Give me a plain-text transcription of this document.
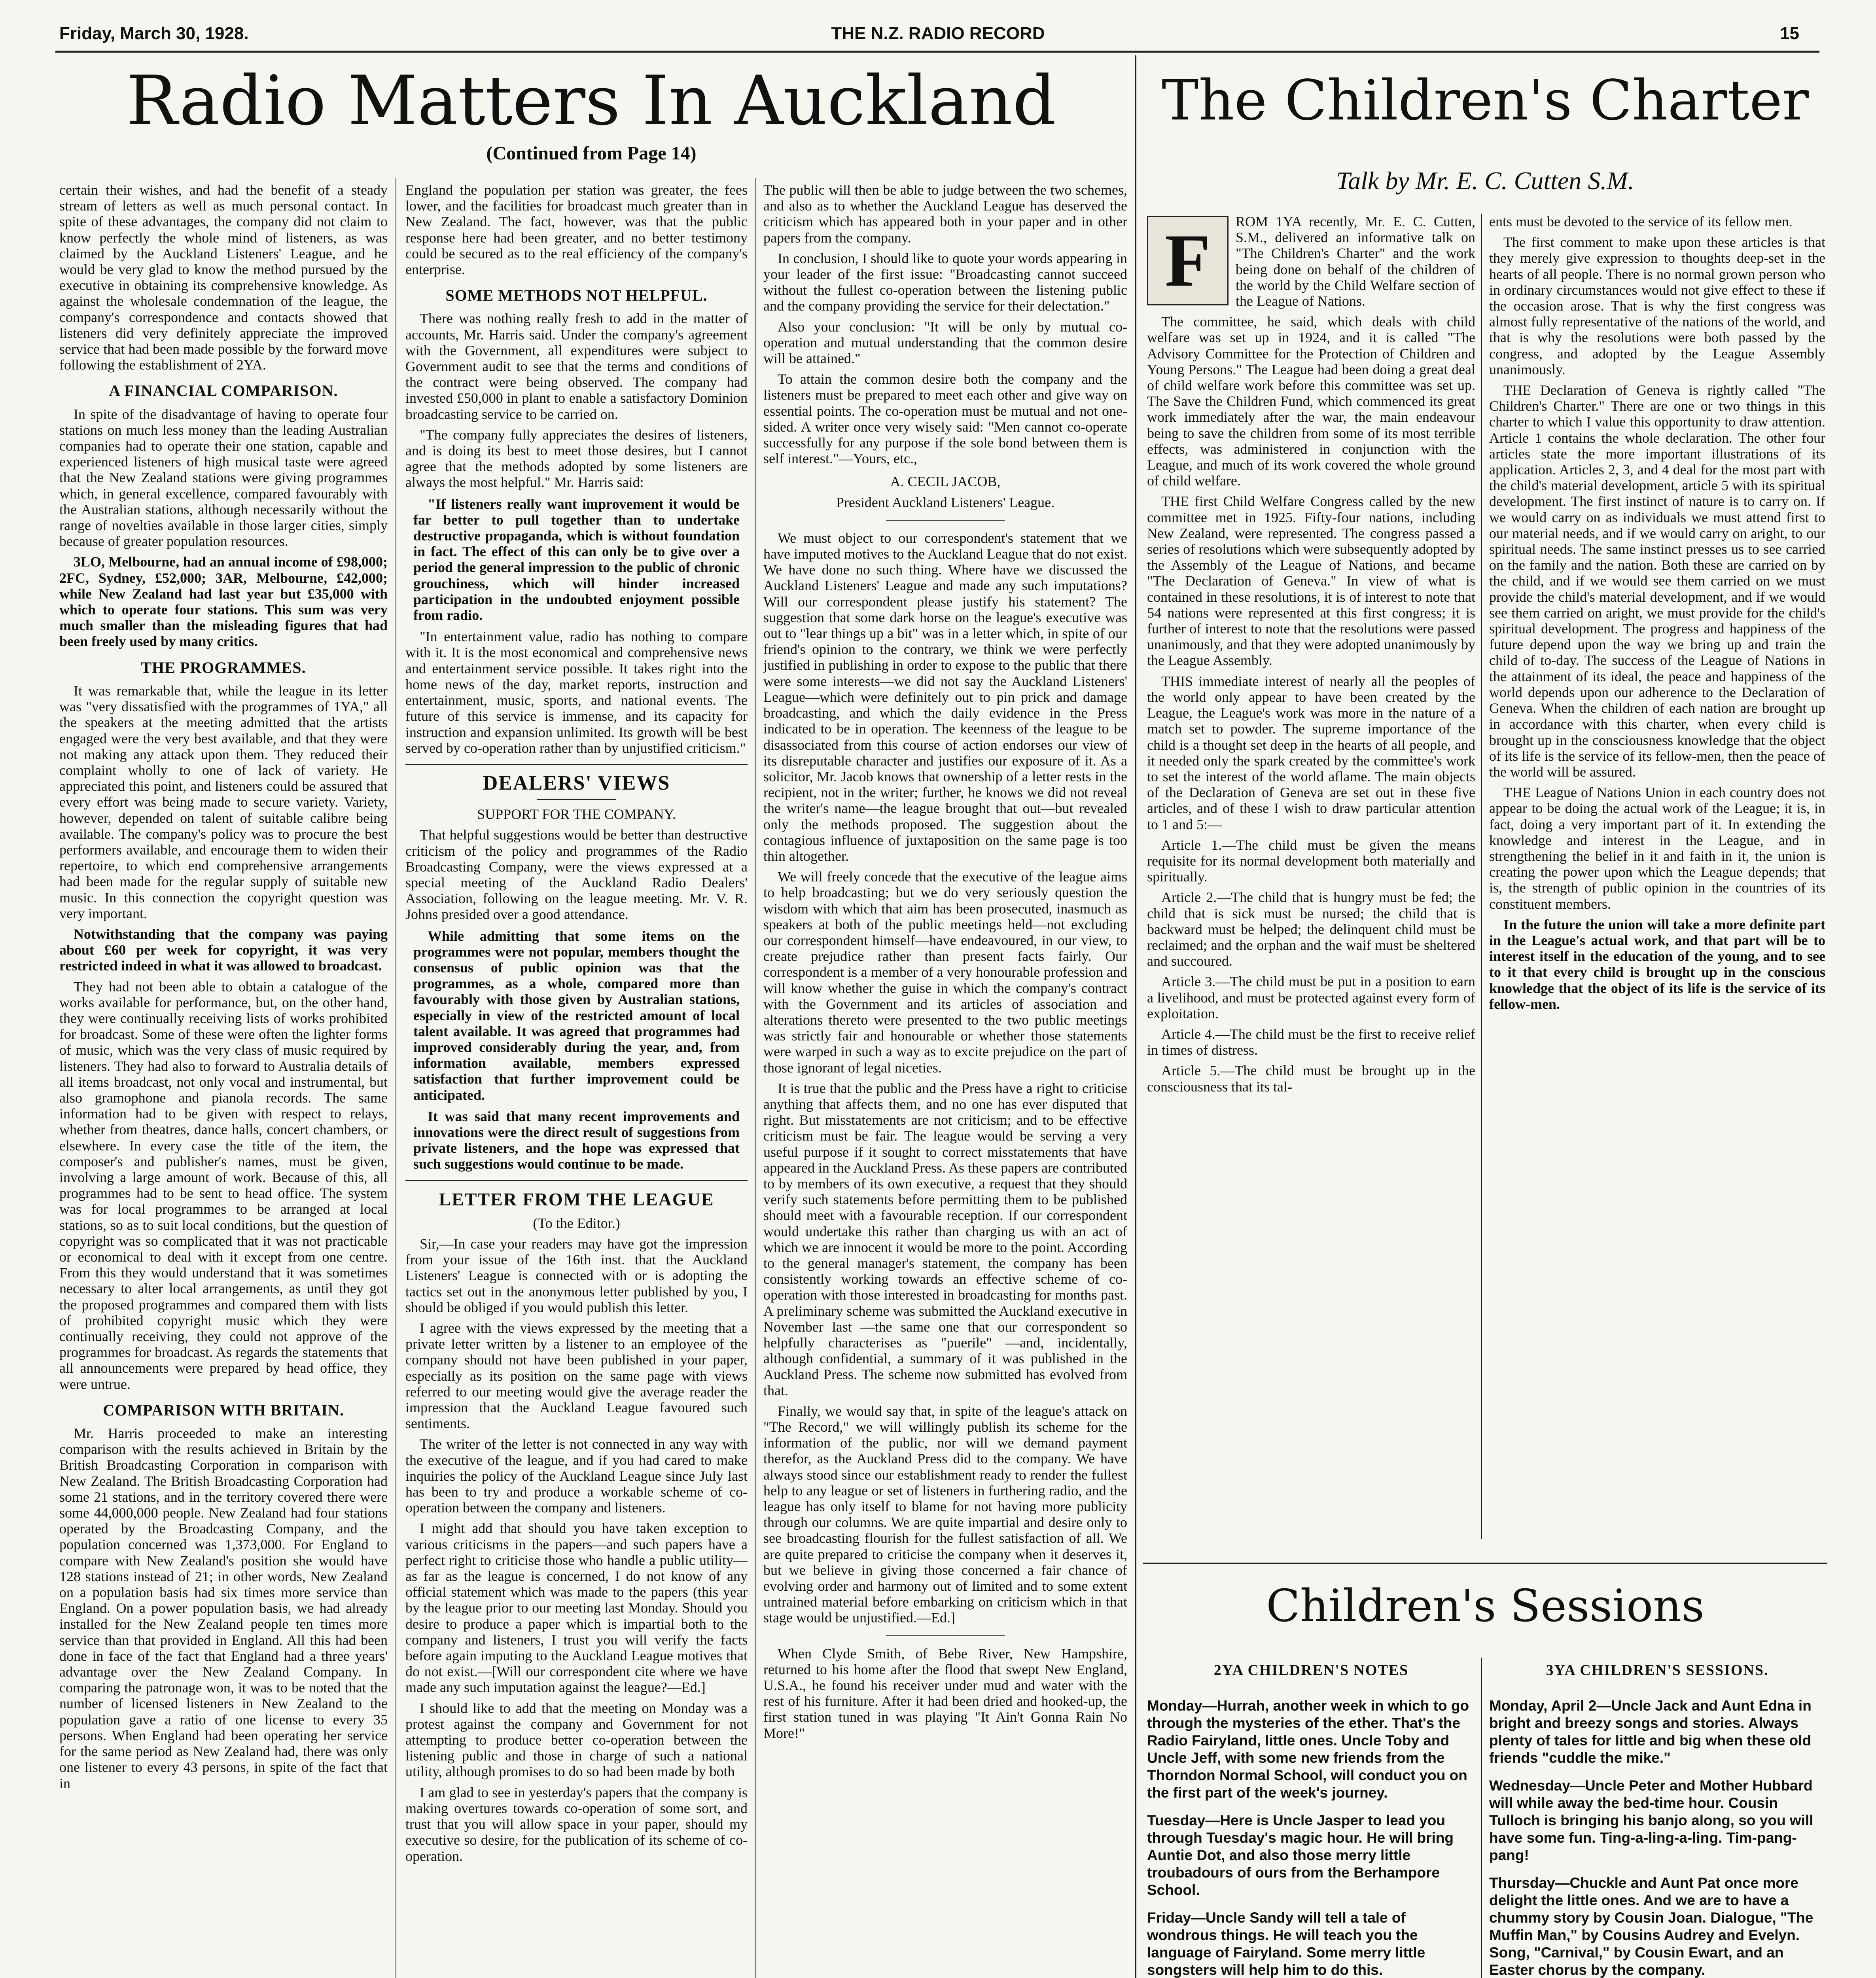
Friday, March 30, 1928.	THE N.Z. RADIO RECORD	15
Radio Matters In Auckland
(Continued from Page 14)

certain their wishes, and had the benefit of a steady stream of letters as well as much personal contact. In spite of these advantages, the company did not claim to know perfectly the whole mind of listeners, as was claimed by the Auckland Listeners' League, and he would be very glad to know the method pursued by the executive in obtaining its comprehensive knowledge. As against the wholesale condemnation of the league, the company's correspondence and contacts showed that listeners did very definitely appreciate the improved service that had been made possible by the forward move following the establishment of 2YA.

A FINANCIAL COMPARISON.

In spite of the disadvantage of having to operate four stations on much less money than the leading Australian companies had to operate their one station, capable and experienced listeners of high musical taste were agreed that the New Zealand stations were giving programmes which, in general excellence, compared favourably with the Australian stations, although necessarily without the range of novelties available in those larger cities, simply because of greater population resources.

3LO, Melbourne, had an annual income of £98,000; 2FC, Sydney, £52,000; 3AR, Melbourne, £42,000; while New Zealand had last year but £35,000 with which to operate four stations. This sum was very much smaller than the misleading figures that had been freely used by many critics.

THE PROGRAMMES.

It was remarkable that, while the league in its letter was "very dissatisfied with the programmes of 1YA," all the speakers at the meeting admitted that the artists engaged were the very best available, and that they were not making any attack upon them. They reduced their complaint wholly to one of lack of variety. He appreciated this point, and listeners could be assured that every effort was being made to secure variety. Variety, however, depended on talent of suitable calibre being available. The company's policy was to procure the best performers available, and encourage them to widen their repertoire, to which end comprehensive arrangements had been made for the regular supply of suitable new music. In this connection the copyright question was very important.

Notwithstanding that the company was paying about £60 per week for copyright, it was very restricted indeed in what it was allowed to broadcast.

They had not been able to obtain a catalogue of the works available for performance, but, on the other hand, they were continually receiving lists of works prohibited for broadcast. Some of these were often the lighter forms of music, which was the very class of music required by listeners. They had also to forward to Australia details of all items broadcast, not only vocal and instrumental, but also gramophone and pianola records. The same information had to be given with respect to relays, whether from theatres, dance halls, concert chambers, or elsewhere. In every case the title of the item, the composer's and publisher's names, must be given, involving a large amount of work. Because of this, all programmes had to be sent to head office. The system was for local programmes to be arranged at local stations, so as to suit local conditions, but the question of copyright was so complicated that it was not practicable or economical to deal with it except from one centre. From this they would understand that it was sometimes necessary to alter local arrangements, as until they got the proposed programmes and compared them with lists of prohibited copyright music which they were continually receiving, they could not approve of the programmes for broadcast. As regards the statements that all announcements were prepared by head office, they were untrue.

COMPARISON WITH BRITAIN.

Mr. Harris proceeded to make an interesting comparison with the results achieved in Britain by the British Broadcasting Corporation in comparison with New Zealand. The British Broadcasting Corporation had some 21 stations, and in the territory covered there were some 44,000,000 people. New Zealand had four stations operated by the Broadcasting Company, and the population concerned was 1,373,000. For England to compare with New Zealand's position she would have 128 stations instead of 21; in other words, New Zealand on a population basis had six times more service than England. On a power population basis, we had already installed for the New Zealand people ten times more service than that provided in England. All this had been done in face of the fact that England had a three years' advantage over the New Zealand Company. In comparing the patronage won, it was to be noted that the number of licensed listeners in New Zealand to the population gave a ratio of one license to every 35 persons. When England had been operating her service for the same period as New Zealand had, there was only one listener to every 43 persons, in spite of the fact that in

England the population per station was greater, the fees lower, and the facilities for broadcast much greater than in New Zealand. The fact, however, was that the public response here had been greater, and no better testimony could be secured as to the real efficiency of the company's enterprise.

SOME METHODS NOT HELPFUL.

There was nothing really fresh to add in the matter of accounts, Mr. Harris said. Under the company's agreement with the Government, all expenditures were subject to Government audit to see that the terms and conditions of the contract were being observed. The company had invested £50,000 in plant to enable a satisfactory Dominion broadcasting service to be carried on.

"The company fully appreciates the desires of listeners, and is doing its best to meet those desires, but I cannot agree that the methods adopted by some listeners are always the most helpful." Mr. Harris said:

"If listeners really want improvement it would be far better to pull together than to undertake destructive propaganda, which is without foundation in fact. The effect of this can only be to give over a period the general impression to the public of chronic grouchiness, which will hinder increased participation in the undoubted enjoyment possible from radio.

"In entertainment value, radio has nothing to compare with it. It is the most economical and comprehensive news and entertainment service possible. It takes right into the home news of the day, market reports, instruction and entertainment, music, sports, and national events. The future of this service is immense, and its capacity for instruction and expansion unlimited. Its growth will be best served by co-operation rather than by unjustified criticism."

DEALERS' VIEWS

SUPPORT FOR THE COMPANY.

That helpful suggestions would be better than destructive criticism of the policy and programmes of the Radio Broadcasting Company, were the views expressed at a special meeting of the Auckland Radio Dealers' Association, following on the league meeting. Mr. V. R. Johns presided over a good attendance.

While admitting that some items on the programmes were not popular, members thought the consensus of public opinion was that the programmes, as a whole, compared more than favourably with those given by Australian stations, especially in view of the restricted amount of local talent available. It was agreed that programmes had improved considerably during the year, and, from information available, members expressed satisfaction that further improvement could be anticipated.

It was said that many recent improvements and innovations were the direct result of suggestions from private listeners, and the hope was expressed that such suggestions would continue to be made.

LETTER FROM THE LEAGUE

(To the Editor.)

Sir,—In case your readers may have got the impression from your issue of the 16th inst. that the Auckland Listeners' League is connected with or is adopting the tactics set out in the anonymous letter published by you, I should be obliged if you would publish this letter.

I agree with the views expressed by the meeting that a private letter written by a listener to an employee of the company should not have been published in your paper, especially as its position on the same page with views referred to our meeting would give the average reader the impression that the Auckland League favoured such sentiments.

The writer of the letter is not connected in any way with the executive of the league, and if you had cared to make inquiries the policy of the Auckland League since July last has been to try and produce a workable scheme of co-operation between the company and listeners.

I might add that should you have taken exception to various criticisms in the papers—and such papers have a perfect right to criticise those who handle a public utility—as far as the league is concerned, I do not know of any official statement which was made to the papers (this year by the league prior to our meeting last Monday. Should you desire to produce a paper which is impartial both to the company and listeners, I trust you will verify the facts before again imputing to the Auckland League motives that do not exist.—[Will our correspondent cite where we have made any such imputation against the league?—Ed.]

I should like to add that the meeting on Monday was a protest against the company and Government for not attempting to produce better co-operation between the listening public and those in charge of such a national utility, although promises to do so had been made by both

I am glad to see in yesterday's papers that the company is making overtures towards co-operation of some sort, and trust that you will allow space in your paper, should my executive so desire, for the publication of its scheme of co-operation.

The public will then be able to judge between the two schemes, and also as to whether the Auckland League has deserved the criticism which has appeared both in your paper and in other papers from the company.

In conclusion, I should like to quote your words appearing in your leader of the first issue: "Broadcasting cannot succeed without the fullest co-operation between the listening public and the company providing the service for their delectation."

Also your conclusion: "It will be only by mutual co-operation and mutual understanding that the common desire will be attained."

To attain the common desire both the company and the listeners must be prepared to meet each other and give way on essential points. The co-operation must be mutual and not one-sided. A writer once very wisely said: "Men cannot co-operate successfully for any purpose if the sole bond between them is self interest."—Yours, etc.,

A. CECIL JACOB,

President Auckland Listeners' League.

We must object to our correspondent's statement that we have imputed motives to the Auckland League that do not exist. We have done no such thing. Where have we discussed the Auckland Listeners' League and made any such imputations? Will our correspondent please justify his statement? The suggestion that some dark horse on the league's executive was out to "lear things up a bit" was in a letter which, in spite of our friend's opinion to the contrary, we think we were perfectly justified in publishing in order to expose to the public that there were some interests—we did not say the Auckland Listeners' League—which were definitely out to pin prick and damage broadcasting, and which the daily evidence in the Press indicated to be in operation. The keenness of the league to be disassociated from this course of action endorses our view of its disreputable character and justifies our exposure of it. As a solicitor, Mr. Jacob knows that ownership of a letter rests in the recipient, not in the writer; further, he knows we did not reveal the writer's name—the league brought that out—but revealed only the methods proposed. The suggestion about the contagious influence of juxtaposition on the same page is too thin altogether.

We will freely concede that the executive of the league aims to help broadcasting; but we do very seriously question the wisdom with which that aim has been prosecuted, inasmuch as speakers at both of the public meetings held—not excluding our correspondent himself—have endeavoured, in our view, to create prejudice rather than present facts fairly. Our correspondent is a member of a very honourable profession and will know whether the guise in which the company's contract with the Government and its articles of association and alterations thereto were presented to the two public meetings was strictly fair and honourable or whether those statements were warped in such a way as to excite prejudice on the part of those ignorant of legal niceties.

It is true that the public and the Press have a right to criticise anything that affects them, and no one has ever disputed that right. But misstatements are not criticism; and to be effective criticism must be fair. The league would be serving a very useful purpose if it sought to correct misstatements that have appeared in the Auckland Press. As these papers are contributed to by members of its own executive, a request that they should verify such statements before permitting them to be published should meet with a favourable reception. If our correspondent would undertake this rather than charging us with an act of which we are innocent it would be more to the point. According to the general manager's statement, the company has been consistently working towards an effective scheme of co-operation with those interested in broadcasting for months past. A preliminary scheme was submitted the Auckland executive in November last —the same one that our correspondent so helpfully characterises as "puerile" —and, incidentally, although confidential, a summary of it was published in the Auckland Press. The scheme now submitted has evolved from that.

Finally, we would say that, in spite of the league's attack on "The Record," we will willingly publish its scheme for the information of the public, nor will we demand payment therefor, as the Auckland Press did to the company. We have always stood since our establishment ready to render the fullest help to any league or set of listeners in furthering radio, and the league has only itself to blame for not having more publicity through our columns. We are quite impartial and desire only to see broadcasting flourish for the fullest satisfaction of all. We are quite prepared to criticise the company when it deserves it, but we believe in giving those concerned a fair chance of evolving order and harmony out of limited and to some extent untrained material before embarking on criticism which in that stage would be unjustified.—Ed.]

When Clyde Smith, of Bebe River, New Hampshire, returned to his home after the flood that swept New England, U.S.A., he found his receiver under mud and water with the rest of his furniture. After it had been dried and hooked-up, the first station tuned in was playing "It Ain't Gonna Rain No More!"

The Children's Charter
Talk by Mr. E. C. Cutten S.M.
F	ROM 1YA recently, Mr. E. C. Cutten, S.M., delivered an informative talk on "The Children's Charter" and the work being done on behalf of the children of the world by the Child Welfare section of the League of Nations.

The committee, he said, which deals with child welfare was set up in 1924, and it is called "The Advisory Committee for the Protection of Children and Young Persons." The League had been doing a great deal of child welfare work before this committee was set up. The Save the Children Fund, which commenced its great work immediately after the war, the main endeavour being to save the children from some of its most terrible effects, was administered in conjunction with the League, and much of its work covered the whole ground of child welfare.

THE first Child Welfare Congress called by the new committee met in 1925. Fifty-four nations, including New Zealand, were represented. The congress passed a series of resolutions which were subsequently adopted by the Assembly of the League of Nations, and became "The Declaration of Geneva." In view of what is contained in these resolutions, it is of interest to note that 54 nations were represented at this first congress; it is further of interest to note that the resolutions were passed unanimously, and that they were adopted unanimously by the League Assembly.

THIS immediate interest of nearly all the peoples of the world only appear to have been created by the League, the League's work was more in the nature of a match set to powder. The supreme importance of the child is a thought set deep in the hearts of all people, and it needed only the spark created by the committee's work to set the interest of the world aflame. The main objects of the Declaration of Geneva are set out in these five articles, and of these I wish to draw particular attention to 1 and 5:—

Article 1.—The child must be given the means requisite for its normal development both materially and spiritually.

Article 2.—The child that is hungry must be fed; the child that is sick must be nursed; the child that is backward must be helped; the delinquent child must be reclaimed; and the orphan and the waif must be sheltered and succoured.

Article 3.—The child must be put in a position to earn a livelihood, and must be protected against every form of exploitation.

Article 4.—The child must be the first to receive relief in times of distress.

Article 5.—The child must be brought up in the consciousness that its tal-

ents must be devoted to the service of its fellow men.

The first comment to make upon these articles is that they merely give expression to thoughts deep-set in the hearts of all people. There is no normal grown person who in ordinary circumstances would not give effect to these if the occasion arose. That is why the first congress was almost fully representative of the nations of the world, and that is why the resolutions were both passed by the congress, and adopted by the League Assembly unanimously.

THE Declaration of Geneva is rightly called "The Children's Charter." There are one or two things in this charter to which I value this opportunity to draw attention. Article 1 contains the whole declaration. The other four articles state the more important illustrations of its application. Articles 2, 3, and 4 deal for the most part with the child's material development, article 5 with its spiritual development. The first instinct of nature is to carry on. If we would carry on as individuals we must attend first to our material needs, and if we would carry on aright, to our spiritual needs. The same instinct presses us to see carried on the family and the nation. Both these are carried on by the child, and if we would see them carried on we must provide the child's material development, and if we would see them carried on aright, we must provide for the child's spiritual development. The progress and happiness of the future depend upon the way we bring up and train the child of to-day. The success of the League of Nations in the attainment of its ideal, the peace and happiness of the world depends upon our adherence to the Declaration of Geneva. When the children of each nation are brought up in accordance with this charter, when every child is brought up in the consciousness knowledge that the object of its life is the service of its fellow-men, then the peace of the world will be assured.

THE League of Nations Union in each country does not appear to be doing the actual work of the League; it is, in fact, doing a very important part of it. In extending the knowledge and interest in the League, and in strengthening the belief in it and faith in it, the union is creating the power upon which the League depends; that is, the strength of public opinion in the countries of its constituent members.

In the future the union will take a more definite part in the League's actual work, and that part will be to interest itself in the education of the young, and to see to it that every child is brought up in the conscious knowledge that the object of its life is the service of its fellow-men.

Children's Sessions
2YA CHILDREN'S NOTES	3YA CHILDREN'S SESSIONS.

Monday—Hurrah, another week in which to go through the mysteries of the ether. That's the Radio Fairyland, little ones. Uncle Toby and Uncle Jeff, with some new friends from the Thorndon Normal School, will conduct you on the first part of the week's journey.

Tuesday—Here is Uncle Jasper to lead you through Tuesday's magic hour. He will bring Auntie Dot, and also those merry little troubadours of ours from the Berhampore School.

Friday—Uncle Sandy will tell a tale of wondrous things. He will teach you the language of Fairyland. Some merry little songsters will help him to do this.

Monday, April 2—Uncle Jack and Aunt Edna in bright and breezy songs and stories. Always plenty of tales for little and big when these old friends "cuddle the mike."

Wednesday—Uncle Peter and Mother Hubbard will while away the bed-time hour. Cousin Tulloch is bringing his banjo along, so you will have some fun. Ting-a-ling-a-ling. Tim-pang-pang!

Thursday—Chuckle and Aunt Pat once more delight the little ones. And we are to have a chummy story by Cousin Joan. Dialogue, "The Muffin Man," by Cousins Audrey and Evelyn. Song, "Carnival," by Cousin Ewart, and an Easter chorus by the company.
